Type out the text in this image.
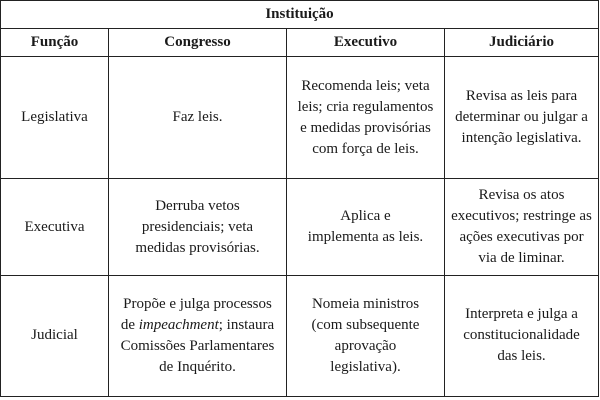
Instituição			
Função	Congresso	Executivo	Judiciário
Legislativa	Faz leis.	Recomenda leis; veta leis; cria regulamentos e medidas provisórias com força de leis.	Revisa as leis para determinar ou julgar a intenção legislativa.
Executiva	Derruba vetos presidenciais; veta medidas provisórias.	Aplica e implementa as leis.	Revisa os atos executivos; restringe as ações executivas por via de liminar.
Judicial	Propõe e julga processos de impeachment; instaura Comissões Parlamentares de Inquérito.	Nomeia ministros (com subsequente aprovação legislativa).	Interpreta e julga a constitucionalidade das leis.
